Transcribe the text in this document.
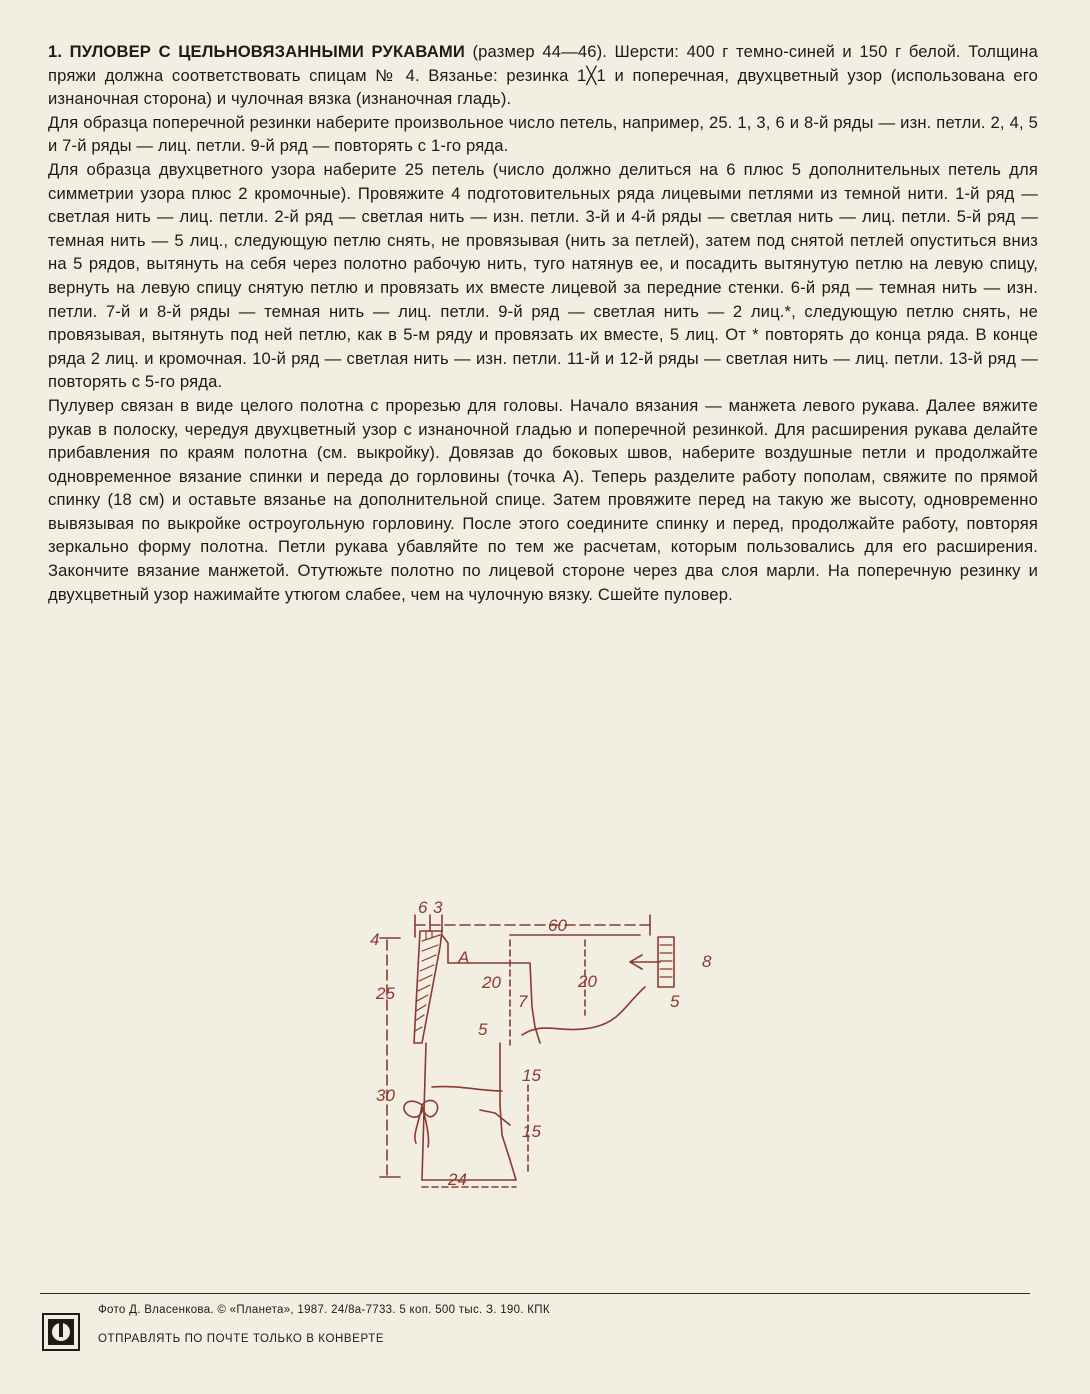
1. ПУЛОВЕР С ЦЕЛЬНОВЯЗАННЫМИ РУКАВАМИ (размер 44—46). Шерсти: 400 г темно-синей и 150 г белой. Толщина пряжи должна соответствовать спицам № 4. Вязанье: резинка 1╳1 и поперечная, двухцветный узор (использована его изнаночная сторона) и чулочная вязка (изнаночная гладь).

Для образца поперечной резинки наберите произвольное число петель, например, 25. 1, 3, 6 и 8-й ряды — изн. петли. 2, 4, 5 и 7-й ряды — лиц. петли. 9-й ряд — повторять с 1-го ряда.

Для образца двухцветного узора наберите 25 петель (число должно делиться на 6 плюс 5 дополнительных петель для симметрии узора плюс 2 кромочные). Провяжите 4 подготовительных ряда лицевыми петлями из темной нити. 1-й ряд — светлая нить — лиц. петли. 2-й ряд — светлая нить — изн. петли. 3-й и 4-й ряды — светлая нить — лиц. петли. 5-й ряд — темная нить — 5 лиц., следующую петлю снять, не провязывая (нить за петлей), затем под снятой петлей опуститься вниз на 5 рядов, вытянуть на себя через полотно рабочую нить, туго натянув ее, и посадить вытянутую петлю на левую спицу, вернуть на левую спицу снятую петлю и провязать их вместе лицевой за передние стенки. 6-й ряд — темная нить — изн. петли. 7-й и 8-й ряды — темная нить — лиц. петли. 9-й ряд — светлая нить — 2 лиц.*, следующую петлю снять, не провязывая, вытянуть под ней петлю, как в 5-м ряду и провязать их вместе, 5 лиц. От * повторять до конца ряда. В конце ряда 2 лиц. и кромочная. 10-й ряд — светлая нить — изн. петли. 11-й и 12-й ряды — светлая нить — лиц. петли. 13-й ряд — повторять с 5-го ряда.

Пулувер связан в виде целого полотна с прорезью для головы. Начало вязания — манжета левого рукава. Далее вяжите рукав в полоску, чередуя двухцветный узор с изнаночной гладью и поперечной резинкой. Для расширения рукава делайте прибавления по краям полотна (см. выкройку). Довязав до боковых швов, наберите воздушные петли и продолжайте одновременное вязание спинки и переда до горловины (точка А). Теперь разделите работу пополам, свяжите по прямой спинку (18 см) и оставьте вязанье на дополнительной спице. Затем провяжите перед на такую же высоту, одновременно вывязывая по выкройке остроугольную горловину. После этого соедините спинку и перед, продолжайте работу, повторяя зеркально форму полотна. Петли рукава убавляйте по тем же расчетам, которым пользовались для его расширения. Закончите вязание манжетой. Отутюжьте полотно по лицевой стороне через два слоя марли. На поперечную резинку и двухцветный узор нажимайте утюгом слабее, чем на чулочную вязку. Сшейте пуловер.

6 3
60
4
A	8
25
20	20
7
5
5
30
15
15
24
Фото Д. Власенкова. © «Планета», 1987. 24/8а-7733. 5 коп. 500 тыс. З. 190. КПК
ОТПРАВЛЯТЬ ПО ПОЧТЕ ТОЛЬКО В КОНВЕРТЕ
